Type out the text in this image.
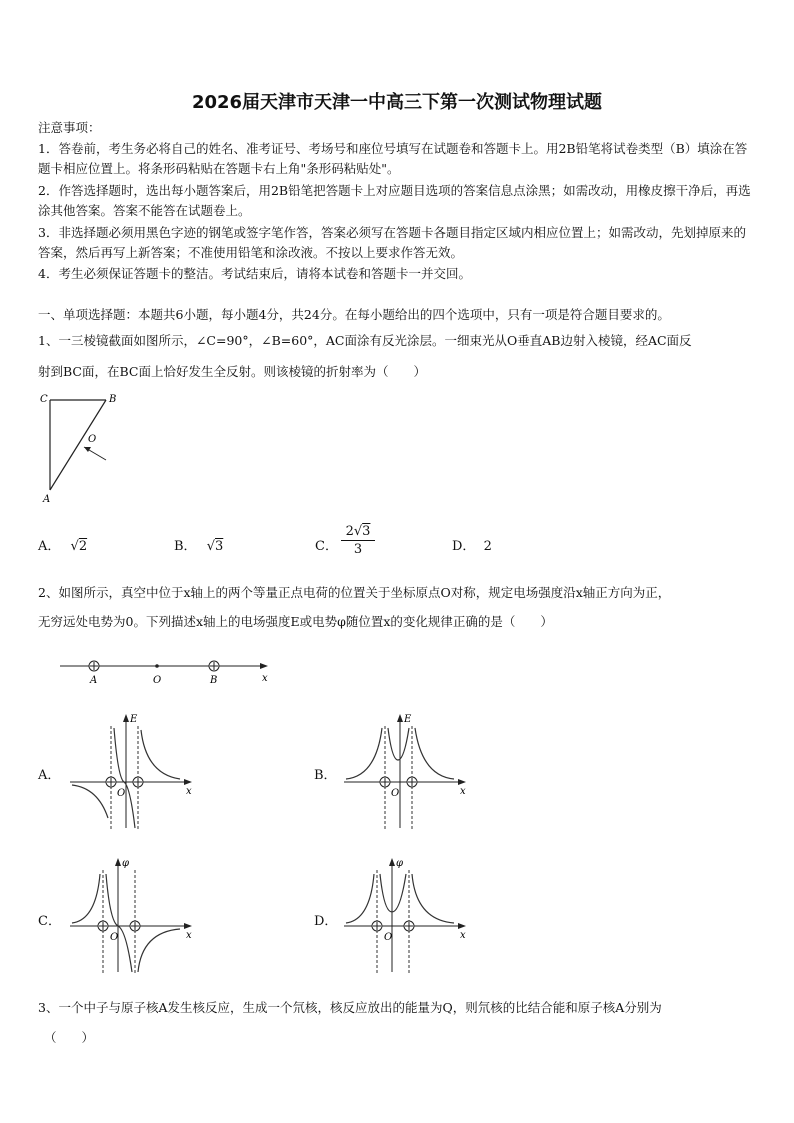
2026届天津市天津一中高三下第一次测试物理试题
注意事项：
1．答卷前，考生务必将自己的姓名、准考证号、考场号和座位号填写在试题卷和答题卡上。用2B铅笔将试卷类型（B）填涂在答题卡相应位置上。将条形码粘贴在答题卡右上角"条形码粘贴处"。
2．作答选择题时，选出每小题答案后，用2B铅笔把答题卡上对应题目选项的答案信息点涂黑；如需改动，用橡皮擦干净后，再选涂其他答案。答案不能答在试题卷上。
3．非选择题必须用黑色字迹的钢笔或签字笔作答，答案必须写在答题卡各题目指定区域内相应位置上；如需改动，先划掉原来的答案，然后再写上新答案；不准使用铅笔和涂改液。不按以上要求作答无效。
4．考生必须保证答题卡的整洁。考试结束后，请将本试卷和答题卡一并交回。
一、单项选择题：本题共6小题，每小题4分，共24分。在每小题给出的四个选项中，只有一项是符合题目要求的。
1、一三棱镜截面如图所示，∠C=90°，∠B=60°，AC面涂有反光涂层。一细束光从O垂直AB边射入棱镜，经AC面反
射到BC面，在BC面上恰好发生全反射。则该棱镜的折射率为（　　）
C	B
A
O
A． √2	B． √3	C．
2√3
3	D． 2
2、如图所示，真空中位于x轴上的两个等量正点电荷的位置关于坐标原点O对称，规定电场强度沿x轴正方向为正，
无穷远处电势为0。下列描述x轴上的电场强度E或电势φ随位置x的变化规律正确的是（　　）
A	O	B	x
A．
E
O	x
B．
E
O	x
C．
φ
O	x
D．
φ
O	x
3、一个中子与原子核A发生核反应，生成一个氘核，核反应放出的能量为Q，则氘核的比结合能和原子核A分别为
（　　）
